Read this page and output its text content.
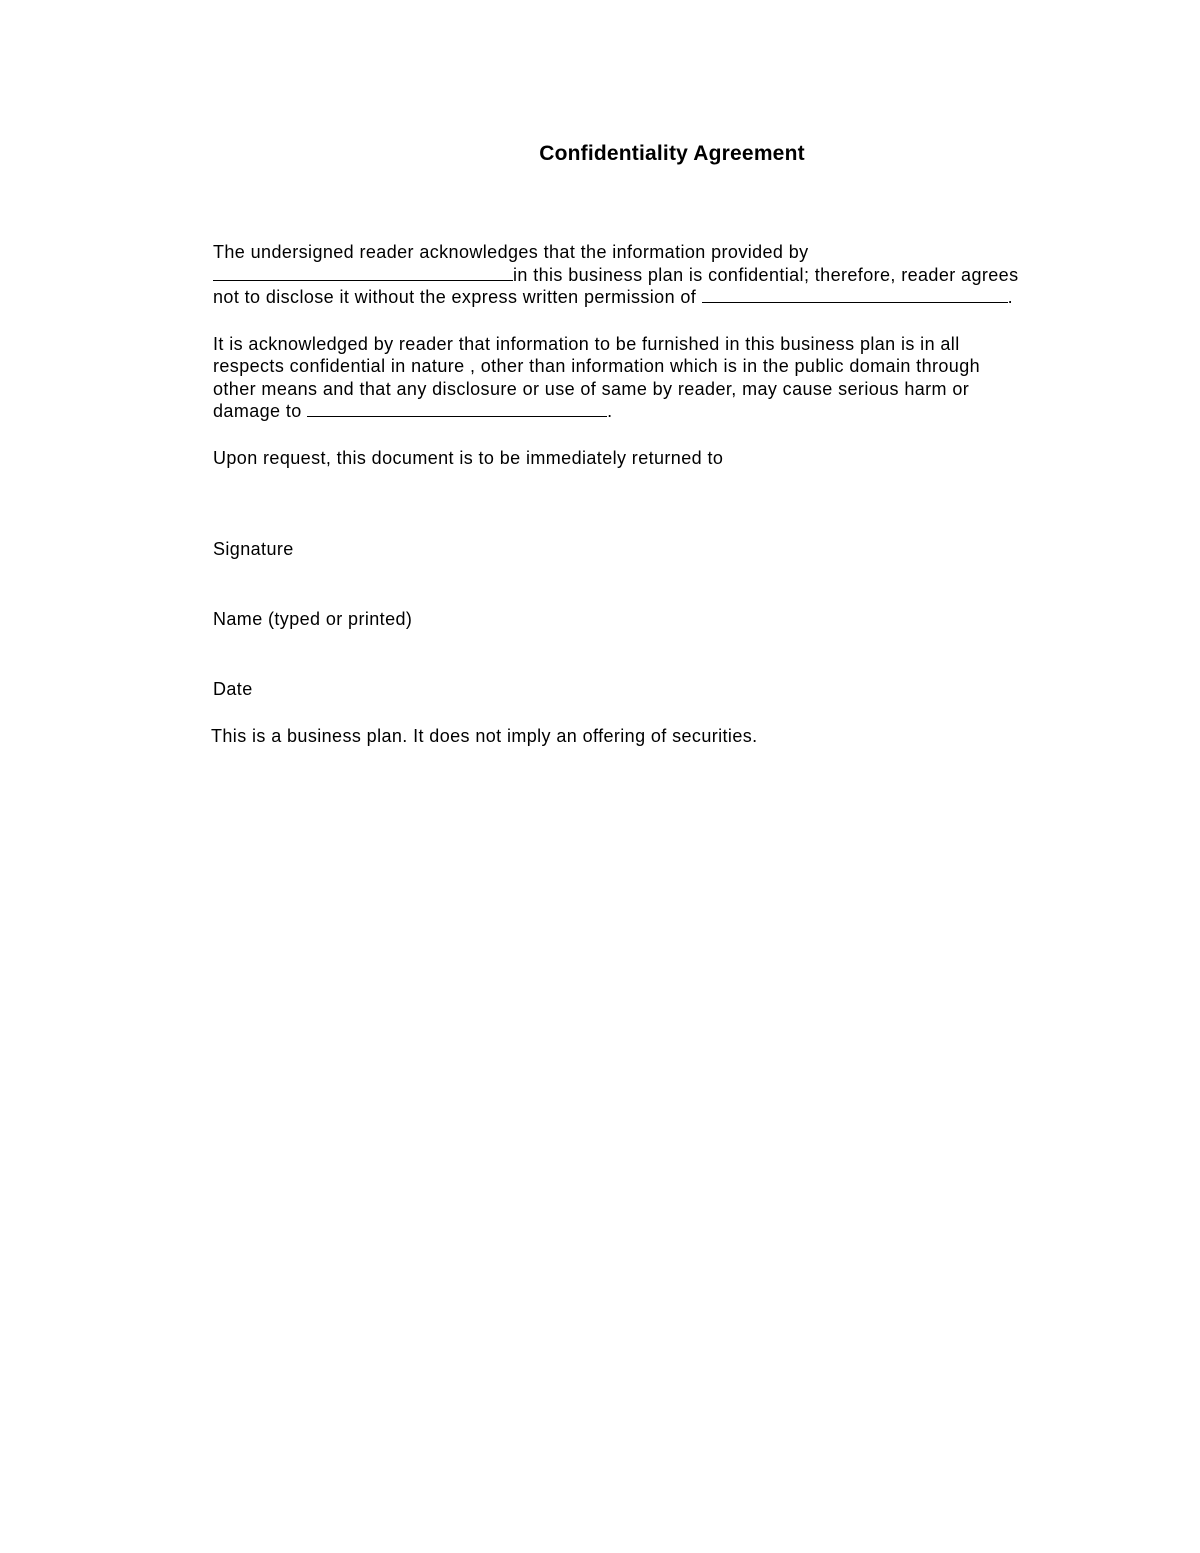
Confidentiality Agreement

The undersigned reader acknowledges that the information provided by
in this business plan is confidential; therefore, reader agrees
not to disclose it without the express written permission of	.

It is acknowledged by reader that information to be furnished in this business plan is in all
respects confidential in nature , other than information which is in the public domain through
other means and that any disclosure or use of same by reader, may cause serious harm or
damage to	.

Upon request, this document is to be immediately returned to

Signature
Name (typed or printed)
Date
This is a business plan. It does not imply an offering of securities.
